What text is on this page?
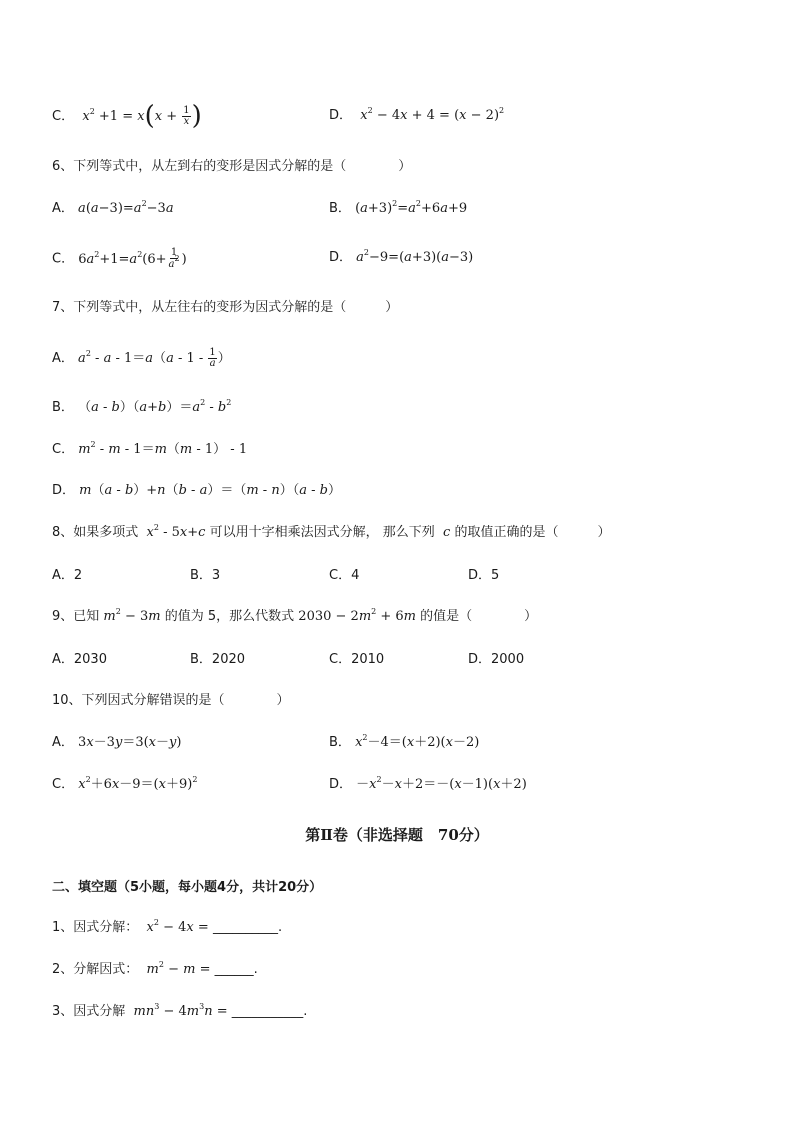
C．  $x^2 +1 = x(x + \frac{1}{x}$ )	D．  $x^2 - 4x + 4 = (x - 2)^2$
6、下列等式中，从左到右的变形是因式分解的是（　　　　）
A． $a(a-3)=a^2-3a$	B． $(a+3)^2=a^2+6a+9$
C． $6a^2+1=a^2(6+ \frac{1}{a^2}$ )	D． $a^2-9=(a+3)(a-3)$
7、下列等式中，从左往右的变形为因式分解的是（　　　）
A． $a^2 - a - 1=a(a - 1 - \frac{1}{a}$ ）
B． $(a - b)(a+b)=a^2 - b^2$
C． $m^2 - m - 1=m(m - 1) - 1$
D． m（a - b）+n（b - a）＝（m - n）（a - b）
8、如果多项式  $x^2 - 5x+c$ 可以用十字相乘法因式分解， 那么下列  c 的取值正确的是（　　　）
A．2	B．3	C．4	D．5
9、已知 $m^2 - 3m$ 的值为 5，那么代数式 $2030 - 2m^2 + 6m$ 的值是（　　　　）
A．2030	B．2020	C．2010	D．2000
10、下列因式分解错误的是（　　　　）
A． 3x－3y＝3(x－y)	B． $x^2-4=(x+2)(x-2)$
C． $x^2+6x-9=(x+9)^2$	D． $-x^2-x+2=-(x-1)(x+2)$
第Ⅱ卷（非选择题　70分）
二、填空题（5小题，每小题4分，共计20分）
1、因式分解：  $x^2 - 4x$ = __________.
2、分解因式：  $m^2 - m$ = ______.
3、因式分解  $mn^3 - 4m^3n$ = ___________.
